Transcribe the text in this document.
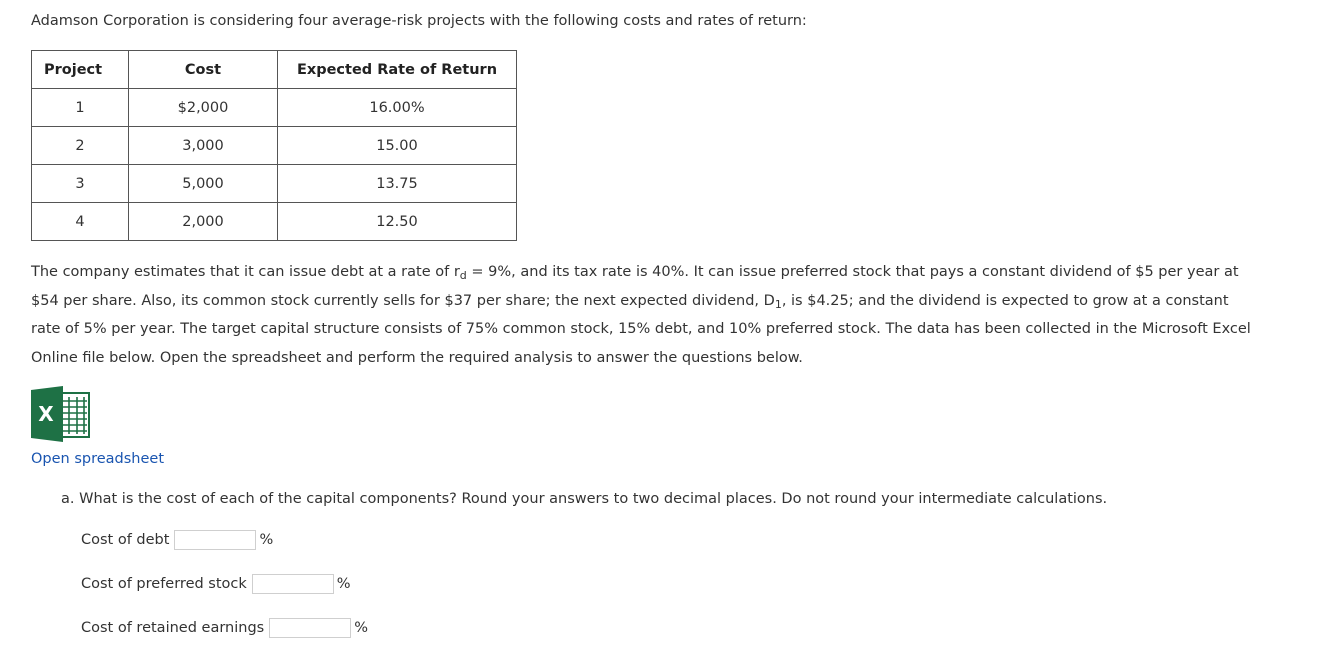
Adamson Corporation is considering four average-risk projects with the following costs and rates of return:

Project	Cost	Expected Rate of Return
1	$2,000	16.00%
2	3,000	15.00
3	5,000	13.75
4	2,000	12.50

The company estimates that it can issue debt at a rate of $r_d = 9\%$, and its tax rate is 40%. It can issue preferred stock that pays a constant dividend of $5 per year at
$54 per share. Also, its common stock currently sells for $37 per share; the next expected dividend, $D_1$, is $4.25; and the dividend is expected to grow at a constant
rate of 5% per year. The target capital structure consists of 75% common stock, 15% debt, and 10% preferred stock. The data has been collected in the Microsoft Excel
Online file below. Open the spreadsheet and perform the required analysis to answer the questions below.

X
Open spreadsheet

a. What is the cost of each of the capital components? Round your answers to two decimal places. Do not round your intermediate calculations.

Cost of debt	%
Cost of preferred stock	%
Cost of retained earnings	%
